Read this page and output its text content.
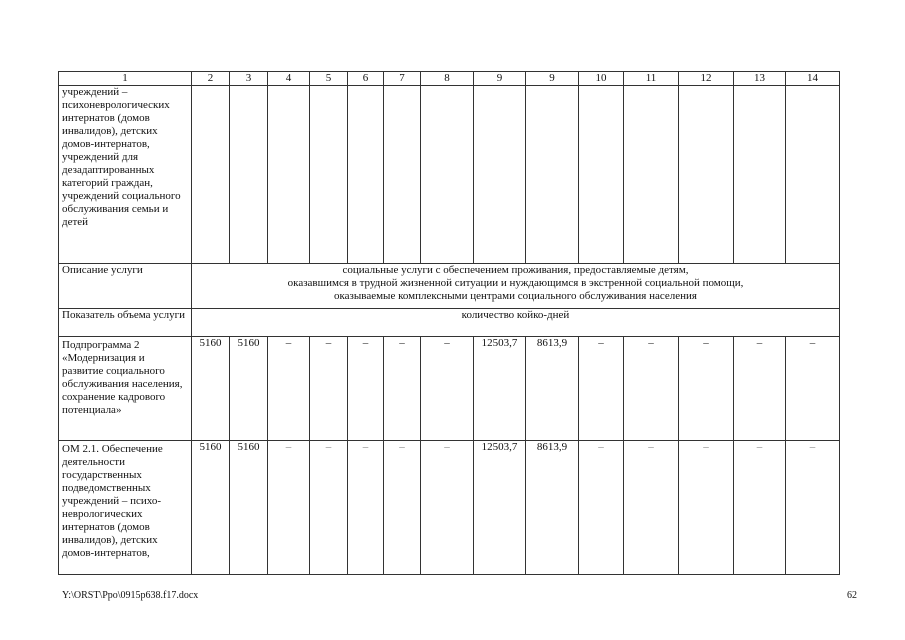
1	2	3	4	5	6	7	8	9	9	10	11	12	13	14
учреждений – психоневрологических интернатов (домов инвалидов), детских домов-интернатов, учреждений для дезадаптированных категорий граждан, учреждений социального обслуживания семьи и детей														
Описание услуги	социальные услуги с обеспечением проживания, предоставляемые детям,
оказавшимся в трудной жизненной ситуации и нуждающимся в экстренной социальной помощи,
оказываемые комплексными центрами социального обслуживания населения													

Показатель объема услуги	количество койко-дней													
Подпрограмма 2 «Модернизация и развитие социального обслуживания населения, сохранение кадрового потенциала»	5160	5160	–	–	–	–	–	12503,7	8613,9	–	–	–	–	–
ОМ 2.1. Обеспечение деятельности государственных подведомственных учреждений – психо-неврологических интернатов (домов инвалидов), детских домов-интернатов,	5160	5160	–	–	–	–	–	12503,7	8613,9	–	–	–	–	–
Y:\ORST\Ppo\0915p638.f17.docx	62
